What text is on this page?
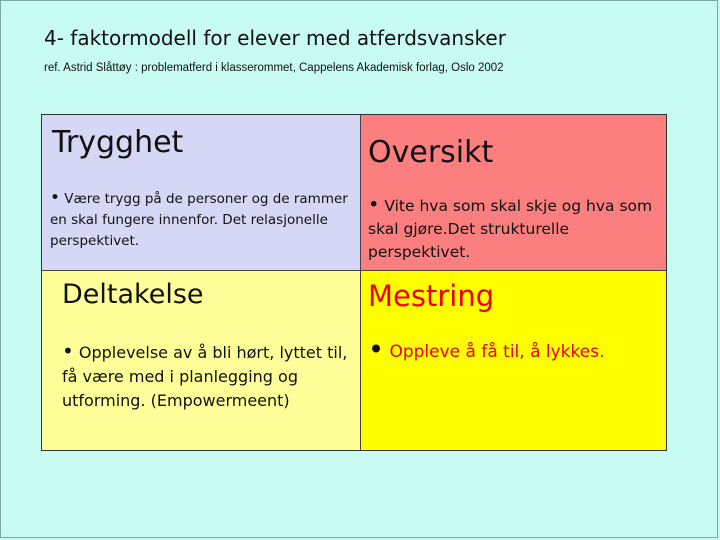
4- faktormodell for elever med atferdsvansker
ref. Astrid Slåttøy : problematferd i klasserommet, Cappelens Akademisk forlag, Oslo 2002
Trygghet
• Være trygg på de personer og de rammer en skal fungere innenfor. Det relasjonelle perspektivet.
Oversikt
• Vite hva som skal skje og hva som skal gjøre.Det strukturelle perspektivet.
Deltakelse
• Opplevelse av å bli hørt, lyttet til, få være med i planlegging og utforming. (Empowermeent)
Mestring
• Oppleve å få til, å lykkes.
